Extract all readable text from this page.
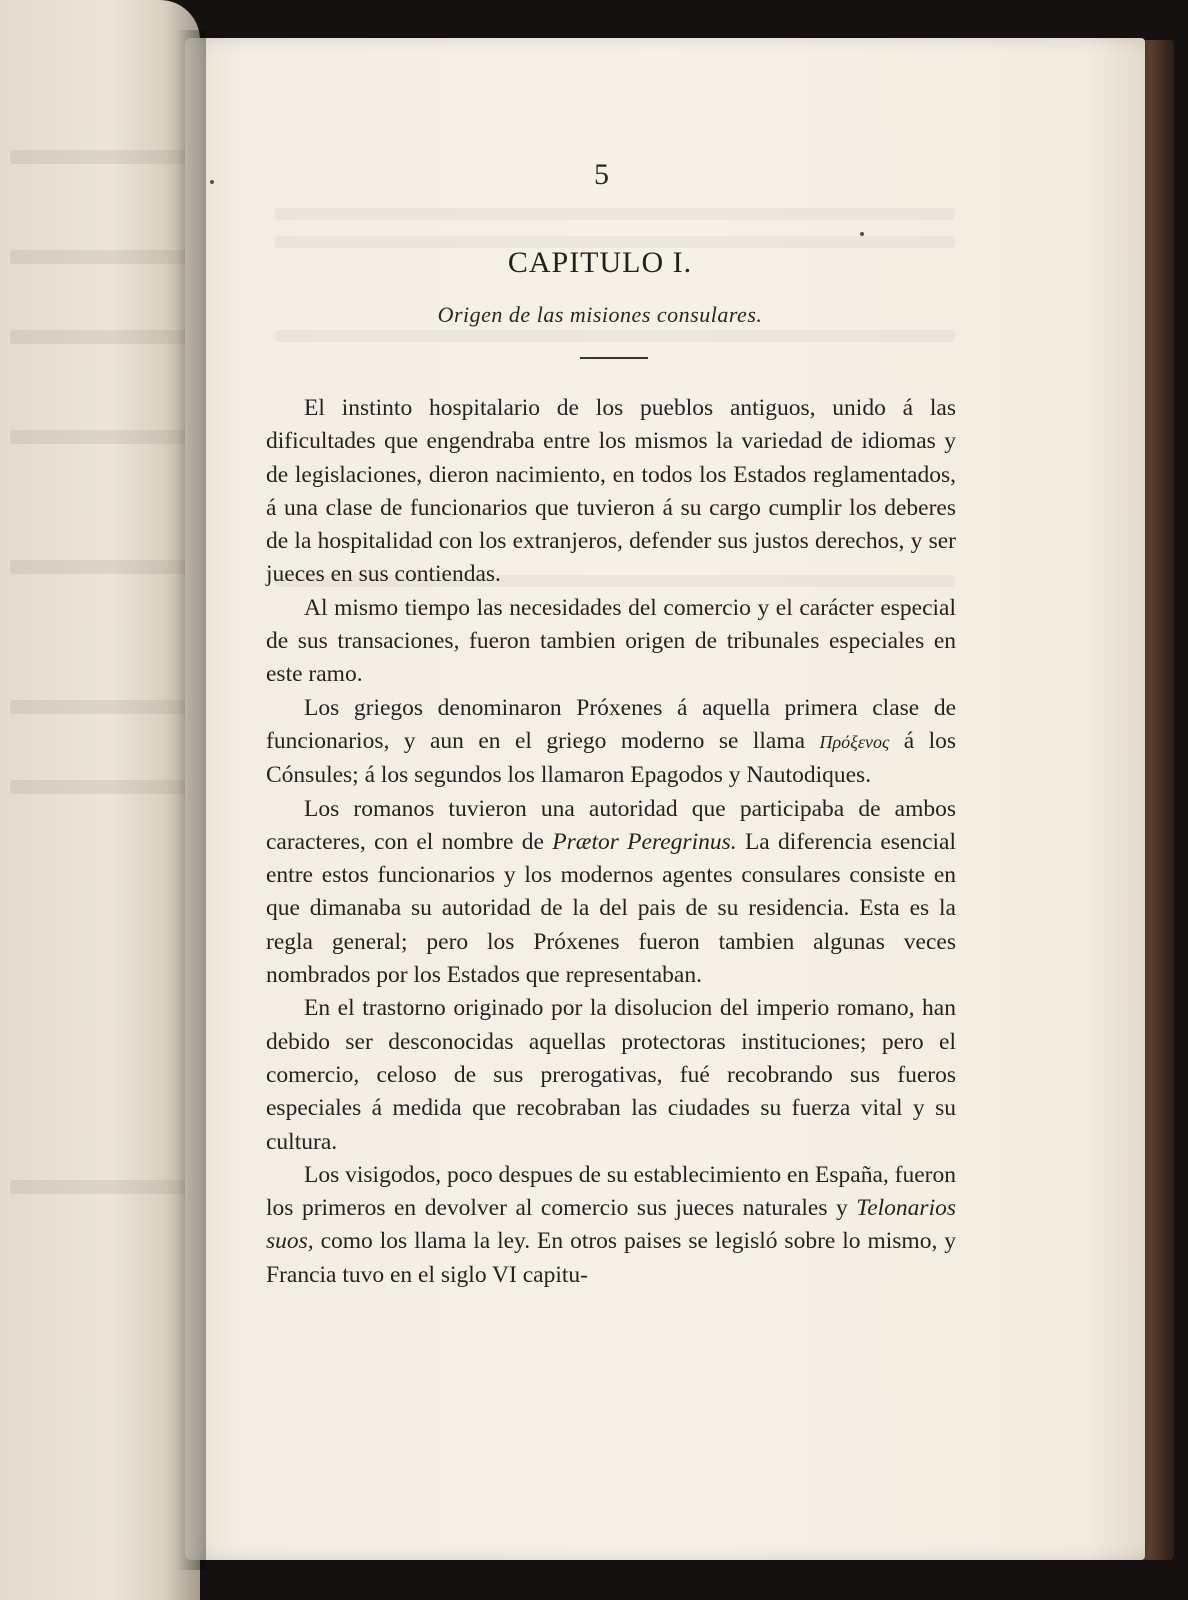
5
CAPITULO I.
Origen de las misiones consulares.

El instinto hospitalario de los pueblos antiguos, unido á las dificultades que engendraba entre los mismos la variedad de idiomas y de legislaciones, dieron nacimiento, en todos los Estados reglamentados, á una clase de funcionarios que tuvieron á su cargo cumplir los deberes de la hospitalidad con los extranjeros, defender sus justos derechos, y ser jueces en sus contiendas.

Al mismo tiempo las necesidades del comercio y el carácter especial de sus transaciones, fueron tambien origen de tribunales especiales en este ramo.

Los griegos denominaron Próxenes á aquella primera clase de funcionarios, y aun en el griego moderno se llama Πρόξενος á los Cónsules; á los segundos los llamaron Epagodos y Nautodiques.

Los romanos tuvieron una autoridad que participaba de ambos caracteres, con el nombre de Prætor Peregrinus. La diferencia esencial entre estos funcionarios y los modernos agentes consulares consiste en que dimanaba su autoridad de la del pais de su residencia. Esta es la regla general; pero los Próxenes fueron tambien algunas veces nombrados por los Estados que representaban.

En el trastorno originado por la disolucion del imperio romano, han debido ser desconocidas aquellas protectoras instituciones; pero el comercio, celoso de sus prerogativas, fué recobrando sus fueros especiales á medida que recobraban las ciudades su fuerza vital y su cultura.

Los visigodos, poco despues de su establecimiento en España, fueron los primeros en devolver al comercio sus jueces naturales y Telonarios suos, como los llama la ley. En otros paises se legisló sobre lo mismo, y Francia tuvo en el siglo VI capitu-
